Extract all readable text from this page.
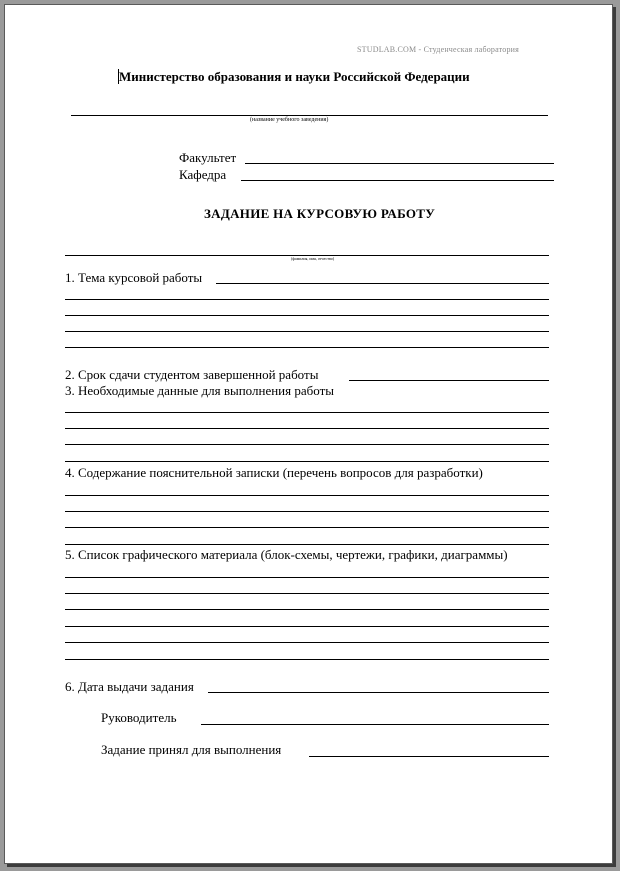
STUDLAB.COM - Студенческая лаборатория
Министерство образования и науки Российской Федерации
(название учебного заведения)
Факультет
Кафедра
ЗАДАНИЕ НА КУРСОВУЮ РАБОТУ
(фамилия, имя, отчество)
1. Тема курсовой работы
2. Срок сдачи студентом завершенной работы
3. Необходимые данные для выполнения работы
4. Содержание пояснительной записки (перечень вопросов для разработки)
5. Список графического материала (блок-схемы, чертежи, графики, диаграммы)
6. Дата выдачи задания
Руководитель
Задание принял для выполнения
